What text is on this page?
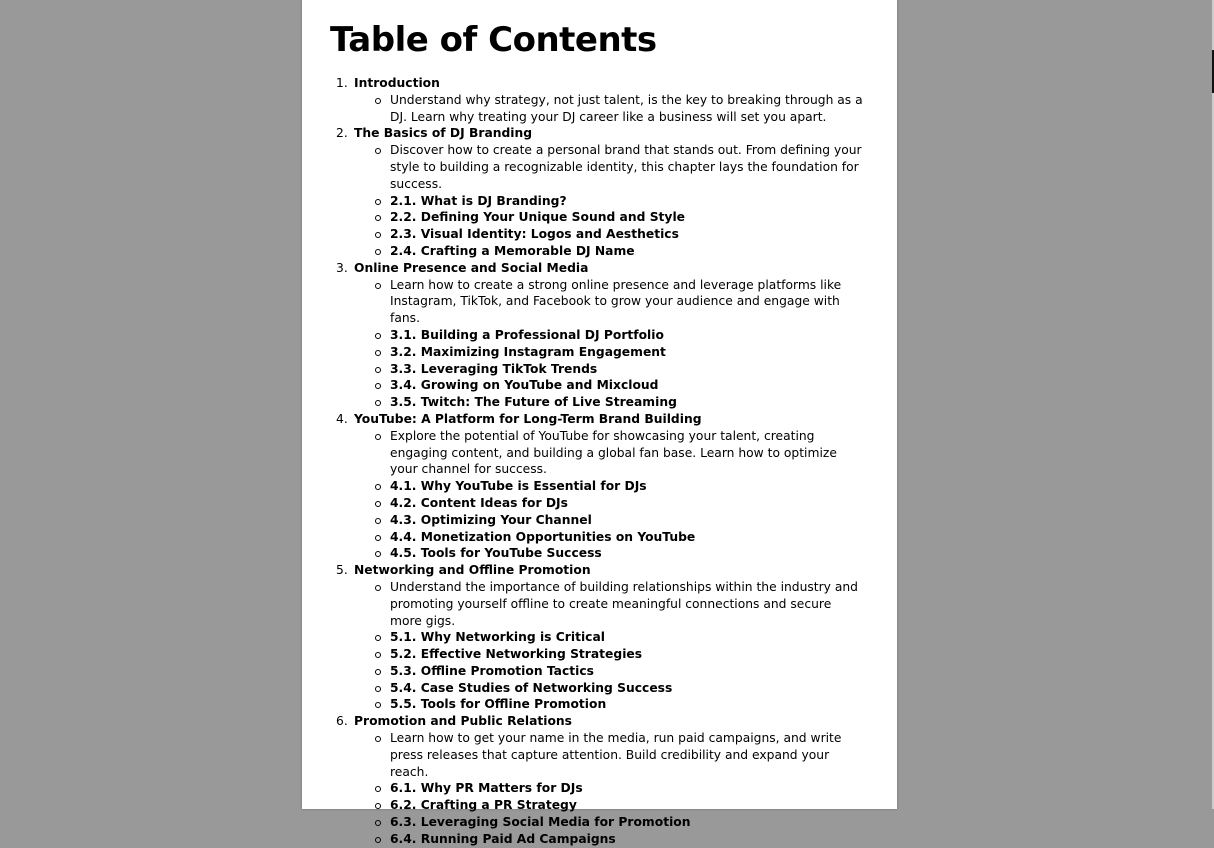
Table of Contents
1. Introduction
Understand why strategy, not just talent, is the key to breaking through as a DJ. Learn why treating your DJ career like a business will set you apart.
2. The Basics of DJ Branding
Discover how to create a personal brand that stands out. From defining your style to building a recognizable identity, this chapter lays the foundation for success.
2.1. What is DJ Branding?
2.2. Defining Your Unique Sound and Style
2.3. Visual Identity: Logos and Aesthetics
2.4. Crafting a Memorable DJ Name
3. Online Presence and Social Media
Learn how to create a strong online presence and leverage platforms like Instagram, TikTok, and Facebook to grow your audience and engage with fans.
3.1. Building a Professional DJ Portfolio
3.2. Maximizing Instagram Engagement
3.3. Leveraging TikTok Trends
3.4. Growing on YouTube and Mixcloud
3.5. Twitch: The Future of Live Streaming
4. YouTube: A Platform for Long-Term Brand Building
Explore the potential of YouTube for showcasing your talent, creating engaging content, and building a global fan base. Learn how to optimize your channel for success.
4.1. Why YouTube is Essential for DJs
4.2. Content Ideas for DJs
4.3. Optimizing Your Channel
4.4. Monetization Opportunities on YouTube
4.5. Tools for YouTube Success
5. Networking and Offline Promotion
Understand the importance of building relationships within the industry and promoting yourself offline to create meaningful connections and secure more gigs.
5.1. Why Networking is Critical
5.2. Effective Networking Strategies
5.3. Offline Promotion Tactics
5.4. Case Studies of Networking Success
5.5. Tools for Offline Promotion
6. Promotion and Public Relations
Learn how to get your name in the media, run paid campaigns, and write press releases that capture attention. Build credibility and expand your reach.
6.1. Why PR Matters for DJs
6.2. Crafting a PR Strategy
6.3. Leveraging Social Media for Promotion
6.4. Running Paid Ad Campaigns
